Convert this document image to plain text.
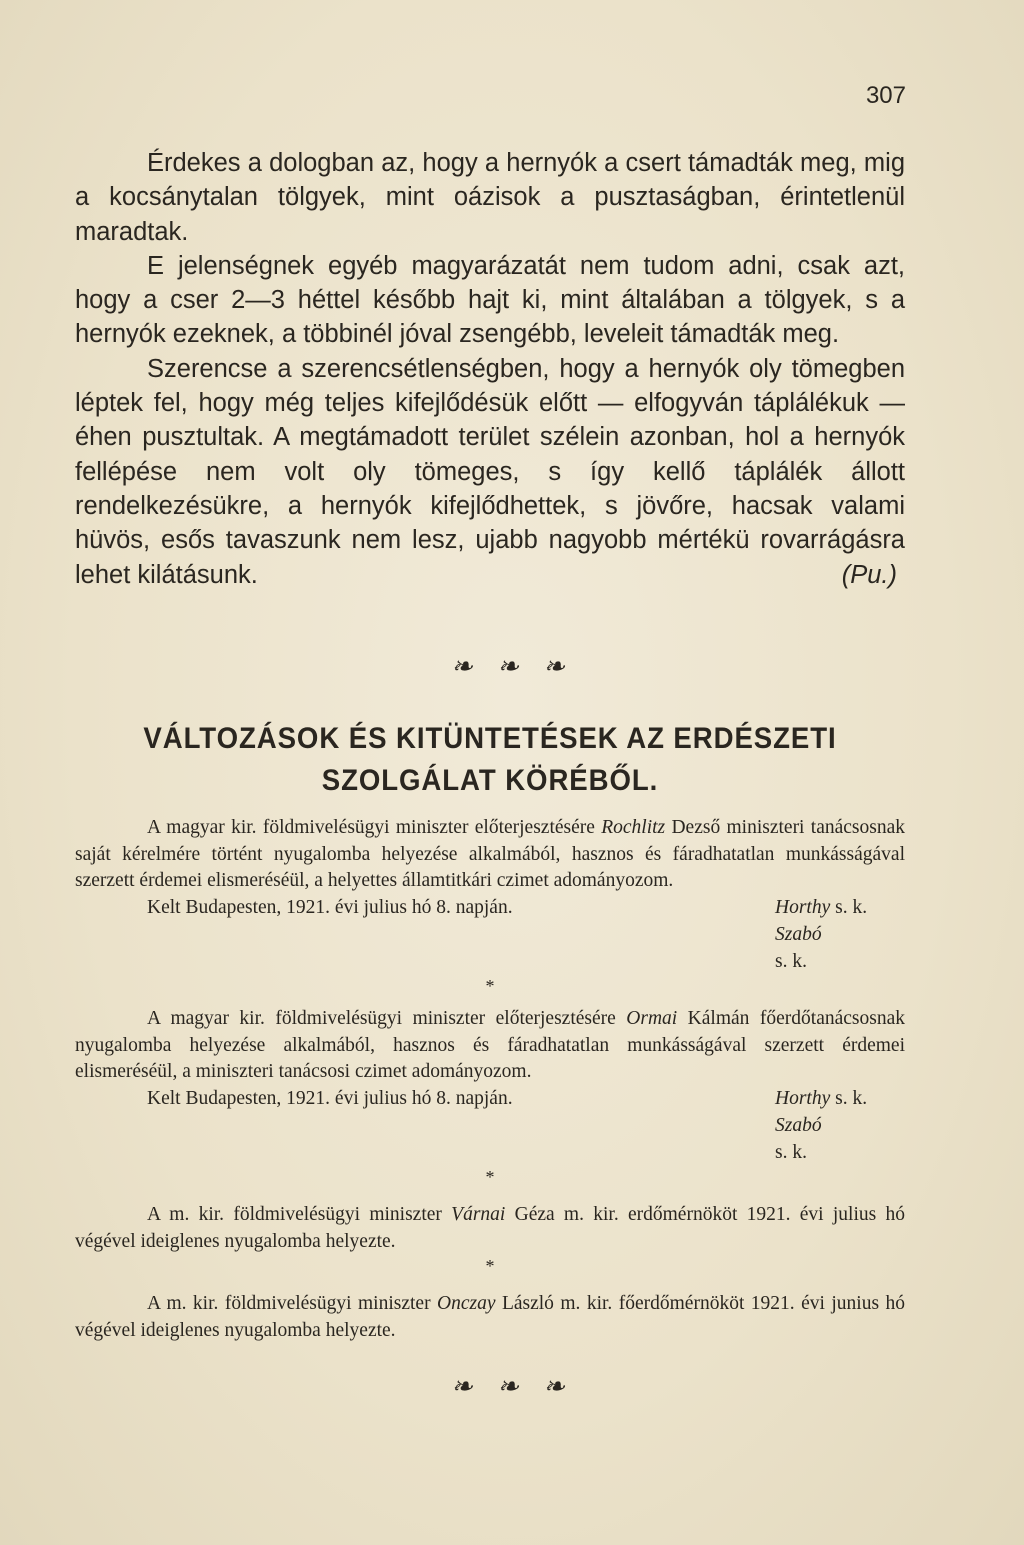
307

Érdekes a dologban az, hogy a hernyók a csert támadták meg, mig a kocsánytalan tölgyek, mint oázisok a pusztaságban, érintetlenül maradtak.

E jelenségnek egyéb magyarázatát nem tudom adni, csak azt, hogy a cser 2—3 héttel később hajt ki, mint általában a tölgyek, s a hernyók ezeknek, a többinél jóval zsengébb, leveleit támadták meg.

Szerencse a szerencsétlenségben, hogy a hernyók oly tömegben léptek fel, hogy még teljes kifejlődésük előtt — elfogyván táplálékuk — éhen pusztultak. A megtámadott terület szélein azonban, hol a hernyók fellépése nem volt oly tömeges, s így kellő táplálék állott rendelkezésükre, a hernyók kifejlődhettek, s jövőre, hacsak valami hüvös, esős tavaszunk nem lesz, ujabb nagyobb mértékü rovarrágásra lehet kilátásunk.	(Pu.)

❧ ❧ ❧
VÁLTOZÁSOK ÉS KITÜNTETÉSEK AZ ERDÉSZETI
SZOLGÁLAT KÖRÉBŐL.

A magyar kir. földmivelésügyi miniszter előterjesztésére Rochlitz Dezső miniszteri tanácsosnak saját kérelmére történt nyugalomba helyezése alkalmából, hasznos és fáradhatatlan munkásságával szerzett érdemei elismeréséül, a helyettes államtitkári czimet adományozom.

Kelt Budapesten, 1921. évi julius hó 8. napján.	Horthy s. k.
Szabós. k.
*

A magyar kir. földmivelésügyi miniszter előterjesztésére Ormai Kálmán főerdőtanácsosnak nyugalomba helyezése alkalmából, hasznos és fáradhatatlan munkásságával szerzett érdemei elismeréséül, a miniszteri tanácsosi czimet adományozom.

Kelt Budapesten, 1921. évi julius hó 8. napján.	Horthy s. k.
Szabós. k.
*

A m. kir. földmivelésügyi miniszter Várnai Géza m. kir. erdőmérnököt 1921. évi julius hó végével ideiglenes nyugalomba helyezte.

*

A m. kir. földmivelésügyi miniszter Onczay László m. kir. főerdőmérnököt 1921. évi junius hó végével ideiglenes nyugalomba helyezte.

❧ ❧ ❧
